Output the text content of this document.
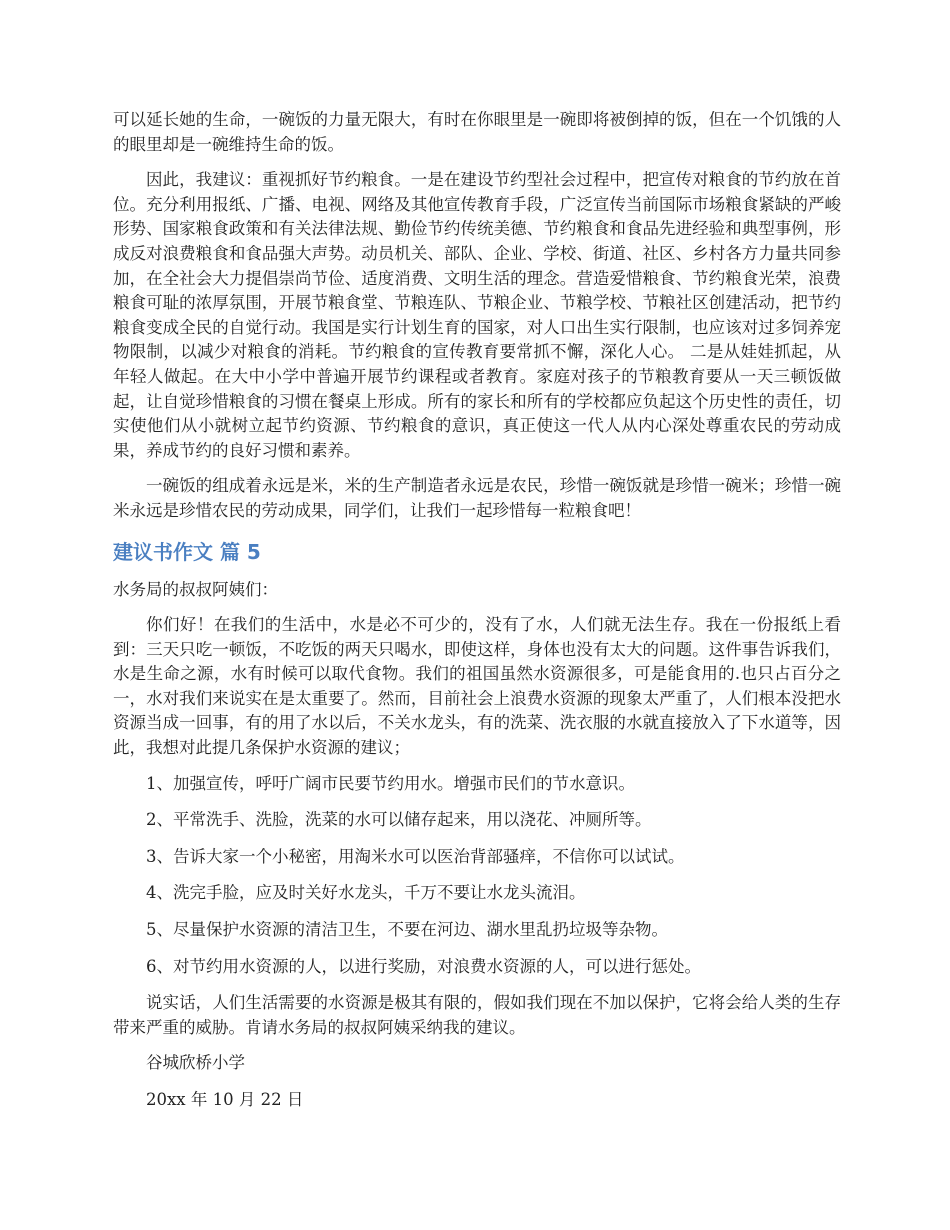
可以延长她的生命，一碗饭的力量无限大，有时在你眼里是一碗即将被倒掉的饭，但在一个饥饿的人的眼里却是一碗维持生命的饭。

因此，我建议：重视抓好节约粮食。一是在建设节约型社会过程中，把宣传对粮食的节约放在首位。充分利用报纸、广播、电视、网络及其他宣传教育手段，广泛宣传当前国际市场粮食紧缺的严峻形势、国家粮食政策和有关法律法规、勤俭节约传统美德、节约粮食和食品先进经验和典型事例，形成反对浪费粮食和食品强大声势。动员机关、部队、企业、学校、街道、社区、乡村各方力量共同参加，在全社会大力提倡崇尚节俭、适度消费、文明生活的理念。营造爱惜粮食、节约粮食光荣，浪费粮食可耻的浓厚氛围，开展节粮食堂、节粮连队、节粮企业、节粮学校、节粮社区创建活动，把节约粮食变成全民的自觉行动。我国是实行计划生育的国家，对人口出生实行限制，也应该对过多饲养宠物限制，以减少对粮食的消耗。节约粮食的宣传教育要常抓不懈，深化人心。 二是从娃娃抓起，从年轻人做起。在大中小学中普遍开展节约课程或者教育。家庭对孩子的节粮教育要从一天三顿饭做起，让自觉珍惜粮食的习惯在餐桌上形成。所有的家长和所有的学校都应负起这个历史性的责任，切实使他们从小就树立起节约资源、节约粮食的意识，真正使这一代人从内心深处尊重农民的劳动成果，养成节约的良好习惯和素养。

一碗饭的组成着永远是米，米的生产制造者永远是农民，珍惜一碗饭就是珍惜一碗米；珍惜一碗米永远是珍惜农民的劳动成果，同学们，让我们一起珍惜每一粒粮食吧！

建议书作文 篇 5

水务局的叔叔阿姨们：

你们好！在我们的生活中，水是必不可少的，没有了水，人们就无法生存。我在一份报纸上看到：三天只吃一顿饭，不吃饭的两天只喝水，即使这样，身体也没有太大的问题。这件事告诉我们，水是生命之源，水有时候可以取代食物。我们的祖国虽然水资源很多，可是能食用的.也只占百分之一，水对我们来说实在是太重要了。然而，目前社会上浪费水资源的现象太严重了，人们根本没把水资源当成一回事，有的用了水以后，不关水龙头，有的洗菜、洗衣服的水就直接放入了下水道等，因此，我想对此提几条保护水资源的建议；

1、加强宣传，呼吁广阔市民要节约用水。增强市民们的节水意识。

2、平常洗手、洗脸，洗菜的水可以储存起来，用以浇花、冲厕所等。

3、告诉大家一个小秘密，用淘米水可以医治背部骚痒，不信你可以试试。

4、洗完手脸，应及时关好水龙头，千万不要让水龙头流泪。

5、尽量保护水资源的清洁卫生，不要在河边、湖水里乱扔垃圾等杂物。

6、对节约用水资源的人，以进行奖励，对浪费水资源的人，可以进行惩处。

说实话，人们生活需要的水资源是极其有限的，假如我们现在不加以保护，它将会给人类的生存带来严重的威胁。肯请水务局的叔叔阿姨采纳我的建议。

谷城欣桥小学

20xx 年 10 月 22 日
